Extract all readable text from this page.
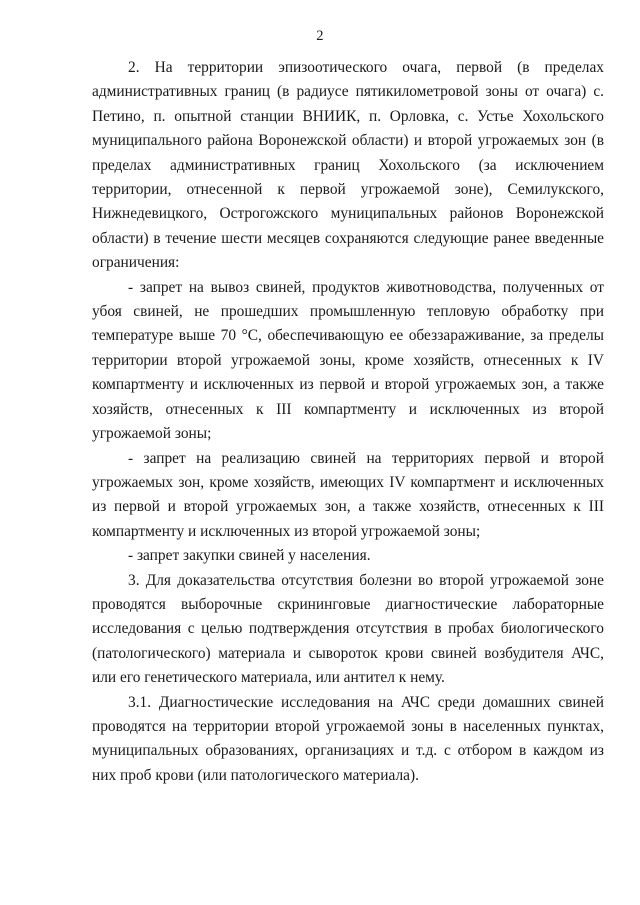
2

2. На территории эпизоотического очага, первой (в пределах административных границ (в радиусе пятикилометровой зоны от очага) с. Петино, п. опытной станции ВНИИК, п. Орловка, с. Устье Хохольского муниципального района Воронежской области) и второй угрожаемых зон (в пределах административных границ Хохольского (за исключением территории, отнесенной к первой угрожаемой зоне), Семилукского, Нижнедевицкого, Острогожского муниципальных районов Воронежской области) в течение шести месяцев сохраняются следующие ранее введенные ограничения:

- запрет на вывоз свиней, продуктов животноводства, полученных от убоя свиней, не прошедших промышленную тепловую обработку при температуре выше 70 °С, обеспечивающую ее обеззараживание, за пределы территории второй угрожаемой зоны, кроме хозяйств, отнесенных к IV компартменту и исключенных из первой и второй угрожаемых зон, а также хозяйств, отнесенных к III компартменту и исключенных из второй угрожаемой зоны;

- запрет на реализацию свиней на территориях первой и второй угрожаемых зон, кроме хозяйств, имеющих IV компартмент и исключенных из первой и второй угрожаемых зон, а также хозяйств, отнесенных к III компартменту и исключенных из второй угрожаемой зоны;

- запрет закупки свиней у населения.

3. Для доказательства отсутствия болезни во второй угрожаемой зоне проводятся выборочные скрининговые диагностические лабораторные исследования с целью подтверждения отсутствия в пробах биологического (патологического) материала и сывороток крови свиней возбудителя АЧС, или его генетического материала, или антител к нему.

3.1. Диагностические исследования на АЧС среди домашних свиней проводятся на территории второй угрожаемой зоны в населенных пунктах, муниципальных образованиях, организациях и т.д. с отбором в каждом из них проб крови (или патологического материала).
